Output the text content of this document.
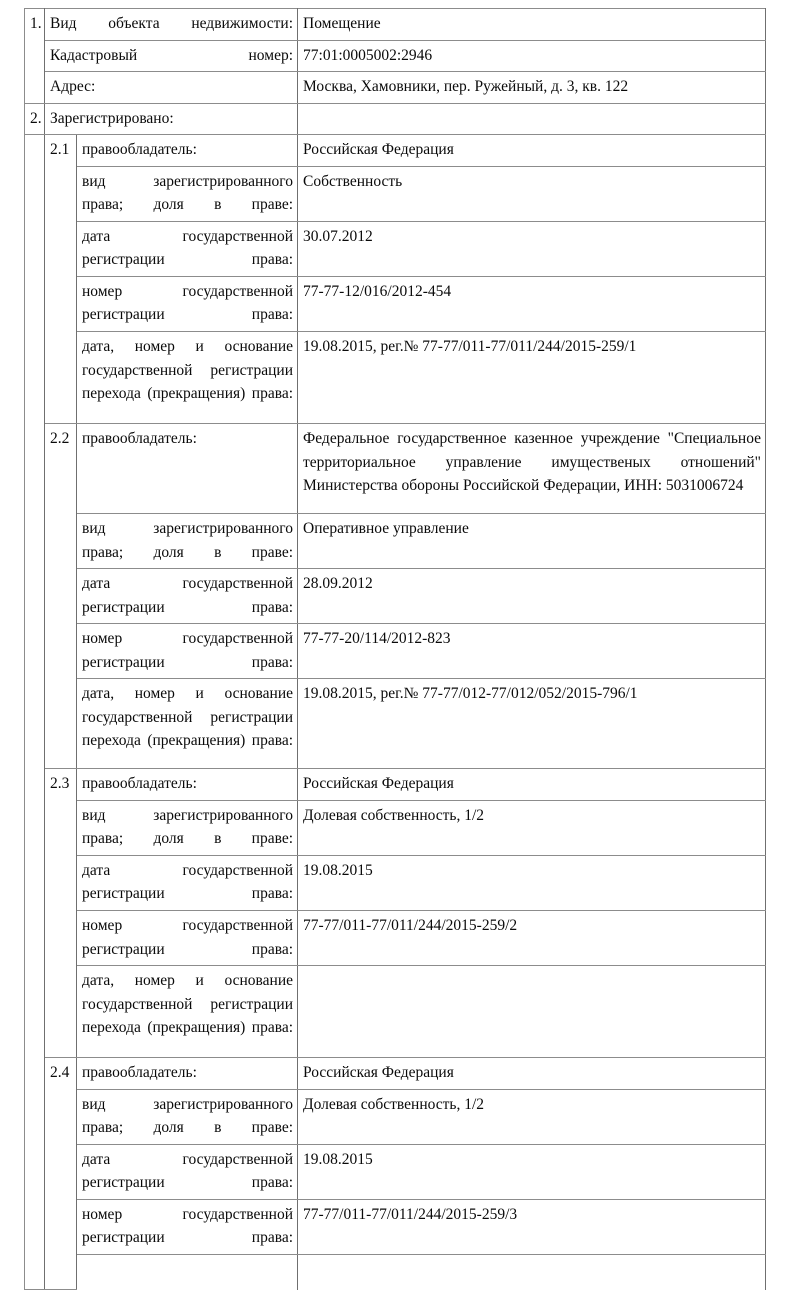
1.	Вид объекта недвижимости:		Помещение
	Кадастровый номер:		77:01:0005002:2946
	Адрес:		Москва, Хамовники, пер. Ружейный, д. 3, кв. 122
2.	Зарегистрировано:		
	2.1	правообладатель:	Российская Федерация
		вид зарегистрированного права; доля в праве:	Собственность
		дата государственной регистрации права:	30.07.2012
		номер государственной регистрации права:	77-77-12/016/2012-454
		дата, номер и основание государственной регистрации перехода (прекращения) права:	19.08.2015, рег.№ 77-77/011-77/011/244/2015-259/1
	2.2	правообладатель:	Федеральное государственное казенное учреждение "Специальное территориальное управление имущественых отношений" Министерства обороны Российской Федерации, ИНН: 5031006724
		вид зарегистрированного права; доля в праве:	Оперативное управление
		дата государственной регистрации права:	28.09.2012
		номер государственной регистрации права:	77-77-20/114/2012-823
		дата, номер и основание государственной регистрации перехода (прекращения) права:	19.08.2015, рег.№ 77-77/012-77/012/052/2015-796/1
	2.3	правообладатель:	Российская Федерация
		вид зарегистрированного права; доля в праве:	Долевая собственность, 1/2
		дата государственной регистрации права:	19.08.2015
		номер государственной регистрации права:	77-77/011-77/011/244/2015-259/2
		дата, номер и основание государственной регистрации перехода (прекращения) права:	
	2.4	правообладатель:	Российская Федерация
		вид зарегистрированного права; доля в праве:	Долевая собственность, 1/2
		дата государственной регистрации права:	19.08.2015
		номер государственной регистрации права:	77-77/011-77/011/244/2015-259/3
